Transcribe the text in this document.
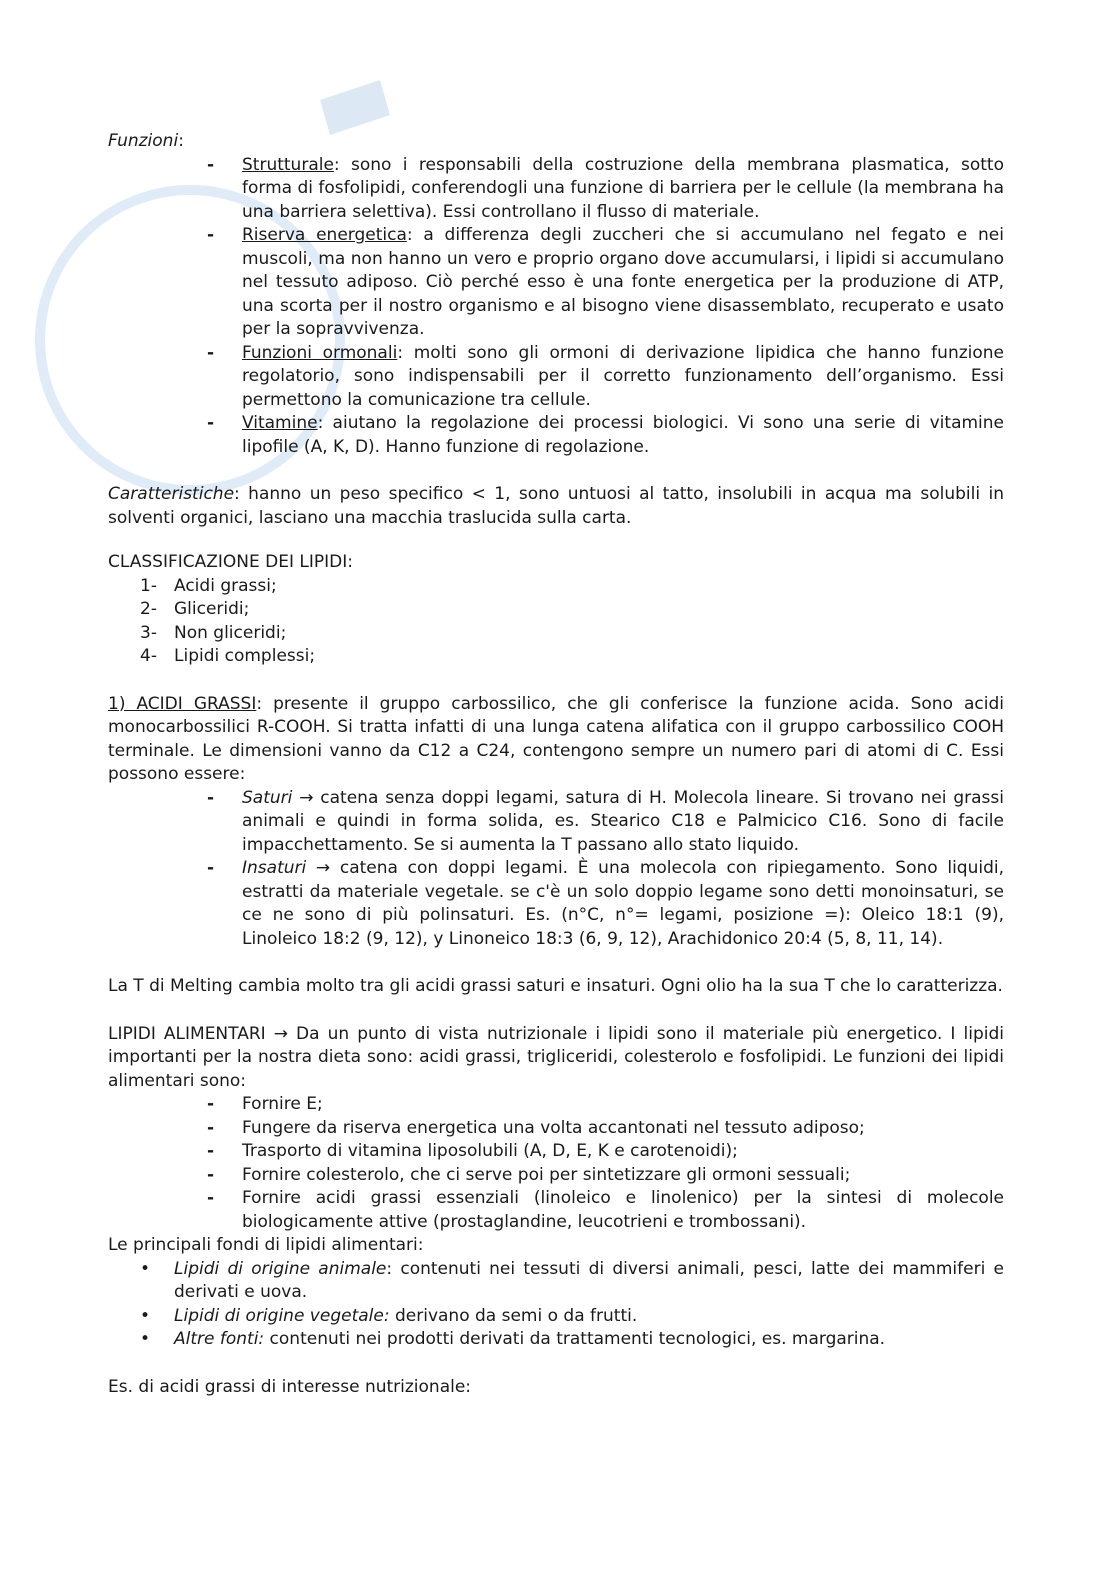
Funzioni:

- Strutturale: sono i responsabili della costruzione della membrana plasmatica, sotto forma di fosfolipidi, conferendogli una funzione di barriera per le cellule (la membrana ha una barriera selettiva). Essi controllano il flusso di materiale.
- Riserva energetica: a differenza degli zuccheri che si accumulano nel fegato e nei muscoli, ma non hanno un vero e proprio organo dove accumularsi, i lipidi si accumulano nel tessuto adiposo. Ciò perché esso è una fonte energetica per la produzione di ATP, una scorta per il nostro organismo e al bisogno viene disassemblato, recuperato e usato per la sopravvivenza.
- Funzioni ormonali: molti sono gli ormoni di derivazione lipidica che hanno funzione regolatorio, sono indispensabili per il corretto funzionamento dell’organismo. Essi permettono la comunicazione tra cellule.
- Vitamine: aiutano la regolazione dei processi biologici. Vi sono una serie di vitamine lipofile (A, K, D). Hanno funzione di regolazione.

Caratteristiche: hanno un peso specifico < 1, sono untuosi al tatto, insolubili in acqua ma solubili in solventi organici, lasciano una macchia traslucida sulla carta.

CLASSIFICAZIONE DEI LIPIDI:

1- Acidi grassi;
2- Gliceridi;
3- Non gliceridi;
4- Lipidi complessi;

1) ACIDI GRASSI: presente il gruppo carbossilico, che gli conferisce la funzione acida. Sono acidi monocarbossilici R-COOH. Si tratta infatti di una lunga catena alifatica con il gruppo carbossilico COOH terminale. Le dimensioni vanno da C12 a C24, contengono sempre un numero pari di atomi di C. Essi possono essere:

- Saturi → catena senza doppi legami, satura di H. Molecola lineare. Si trovano nei grassi animali e quindi in forma solida, es. Stearico C18 e Palmicico C16. Sono di facile impacchettamento. Se si aumenta la T passano allo stato liquido.
- Insaturi → catena con doppi legami. È una molecola con ripiegamento. Sono liquidi, estratti da materiale vegetale. se c'è un solo doppio legame sono detti monoinsaturi, se ce ne sono di più polinsaturi. Es. (n°C, n°= legami, posizione =): Oleico 18:1 (9), Linoleico 18:2 (9, 12), y Linoneico 18:3 (6, 9, 12), Arachidonico 20:4 (5, 8, 11, 14).

La T di Melting cambia molto tra gli acidi grassi saturi e insaturi. Ogni olio ha la sua T che lo caratterizza.

LIPIDI ALIMENTARI → Da un punto di vista nutrizionale i lipidi sono il materiale più energetico. I lipidi importanti per la nostra dieta sono: acidi grassi, trigliceridi, colesterolo e fosfolipidi. Le funzioni dei lipidi alimentari sono:

- Fornire E;
- Fungere da riserva energetica una volta accantonati nel tessuto adiposo;
- Trasporto di vitamina liposolubili (A, D, E, K e carotenoidi);
- Fornire colesterolo, che ci serve poi per sintetizzare gli ormoni sessuali;
- Fornire acidi grassi essenziali (linoleico e linolenico) per la sintesi di molecole biologicamente attive (prostaglandine, leucotrieni e trombossani).

Le principali fondi di lipidi alimentari:

• Lipidi di origine animale: contenuti nei tessuti di diversi animali, pesci, latte dei mammiferi e derivati e uova.
• Lipidi di origine vegetale: derivano da semi o da frutti.
• Altre fonti: contenuti nei prodotti derivati da trattamenti tecnologici, es. margarina.

Es. di acidi grassi di interesse nutrizionale:
